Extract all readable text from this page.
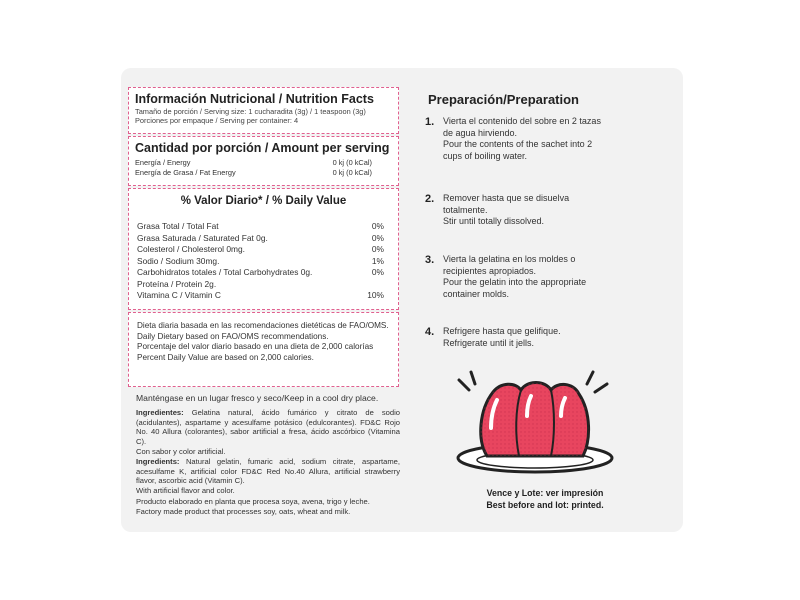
Información Nutricional / Nutrition Facts
Tamaño de porción / Serving size: 1 cucharadita (3g) / 1 teaspoon (3g)
Porciones por empaque / Serving per container: 4
Cantidad por porción / Amount per serving
Energía / Energy	0 kj (0 kCal)
Energía de Grasa / Fat Energy	0 kj (0 kCal)
% Valor Diario* / % Daily Value
Grasa Total / Total Fat	0%
Grasa Saturada / Saturated Fat 0g.	0%
Colesterol / Cholesterol 0mg.	0%
Sodio / Sodium 30mg.	1%
Carbohidratos totales / Total Carbohydrates 0g.	0%
Proteína / Protein 2g.
Vitamina C / Vitamin C	10%
Dieta diaria basada en las recomendaciones dietéticas de FAO/OMS.
Daily Dietary based on FAO/OMS recommendations.
Porcentaje del valor diario basado en una dieta de 2,000 calorías
Percent Daily Value are based on 2,000 calories.
Manténgase en un lugar fresco y seco/Keep in a cool dry place.
Ingredientes: Gelatina natural, ácido fumárico y citrato de sodio (acidulantes), aspartame y acesulfame potásico (edulcorantes). FD&C Rojo No. 40 Allura (colorantes), sabor artificial a fresa, ácido ascórbico (Vitamina C).
Con sabor y color artificial.
Ingredients: Natural gelatin, fumaric acid, sodium citrate, aspartame, acesulfame K, artificial color FD&C Red No.40 Allura, artificial strawberry flavor, ascorbic acid (Vitamin C).
With artificial flavor and color.
Producto elaborado en planta que procesa soya, avena, trigo y leche.
Factory made product that processes soy, oats, wheat and milk.
Preparación/Preparation
1. Vierta el contenido del sobre en 2 tazas de agua hirviendo.
Pour the contents of the sachet into 2 cups of boiling water.
2. Remover hasta que se disuelva totalmente.
Stir until totally dissolved.
3. Vierta la gelatina en los moldes o recipientes apropiados.
Pour the gelatin into the appropriate container molds.
4. Refrigere hasta que gelifique.
Refrigerate until it jells.
Vence y Lote: ver impresión
Best before and lot: printed.
